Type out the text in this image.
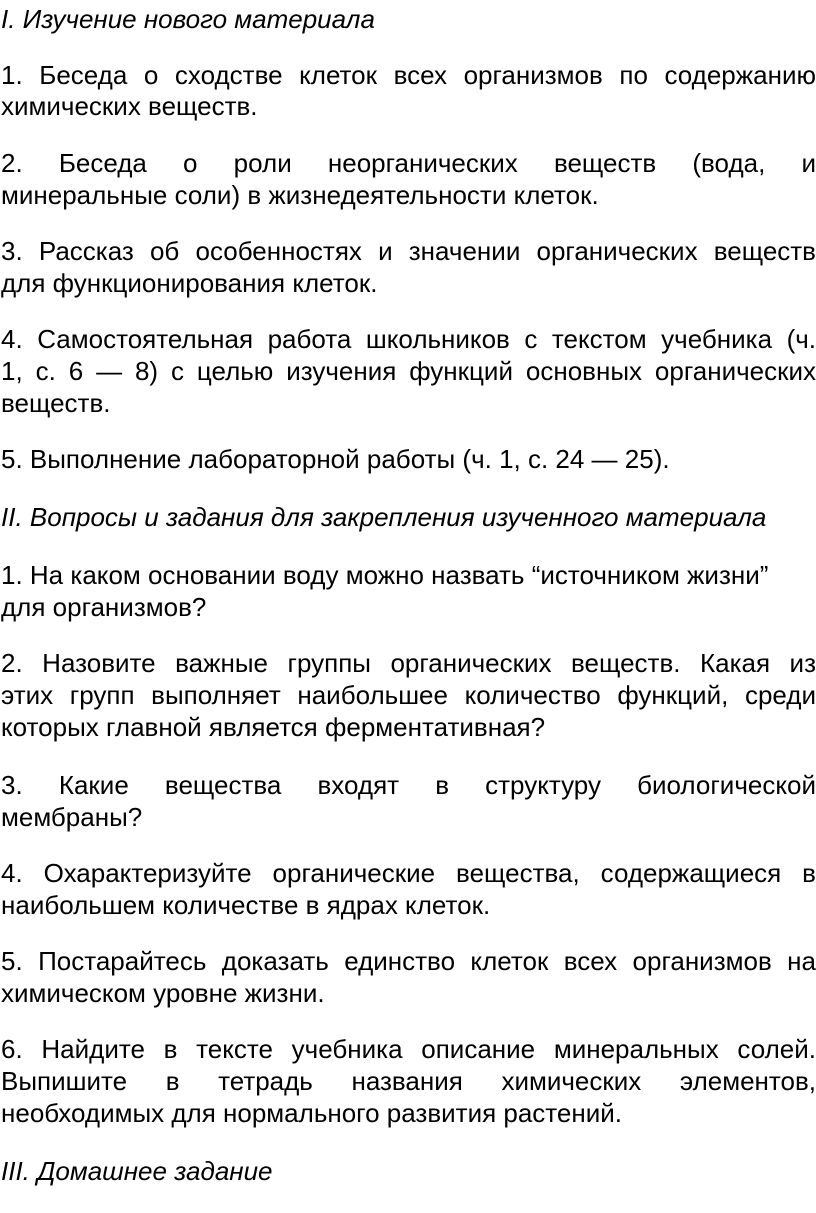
I. Изучение нового материала
1. Беседа о сходстве клеток всех организмов по содержанию
химических веществ.
2. Беседа о роли неорганических веществ (вода, и
минеральные соли) в жизнедеятельности клеток.
3. Рассказ об особенностях и значении органических веществ
для функционирования клеток.
4. Самостоятельная работа школьников с текстом учебника (ч.
1, с. 6 — 8) с целью изучения функций основных органических
веществ.
5. Выполнение лабораторной работы (ч. 1, с. 24 — 25).
II. Вопросы и задания для закрепления изученного материала
1. На каком основании воду можно назвать “источником жизни”
для организмов?
2. Назовите важные группы органических веществ. Какая из
этих групп выполняет наибольшее количество функций, среди
которых главной является ферментативная?
3. Какие вещества входят в структуру биологической
мембраны?
4. Охарактеризуйте органические вещества, содержащиеся в
наибольшем количестве в ядрах клеток.
5. Постарайтесь доказать единство клеток всех организмов на
химическом уровне жизни.
6. Найдите в тексте учебника описание минеральных солей.
Выпишите в тетрадь названия химических элементов,
необходимых для нормального развития растений.
III. Домашнее задание
